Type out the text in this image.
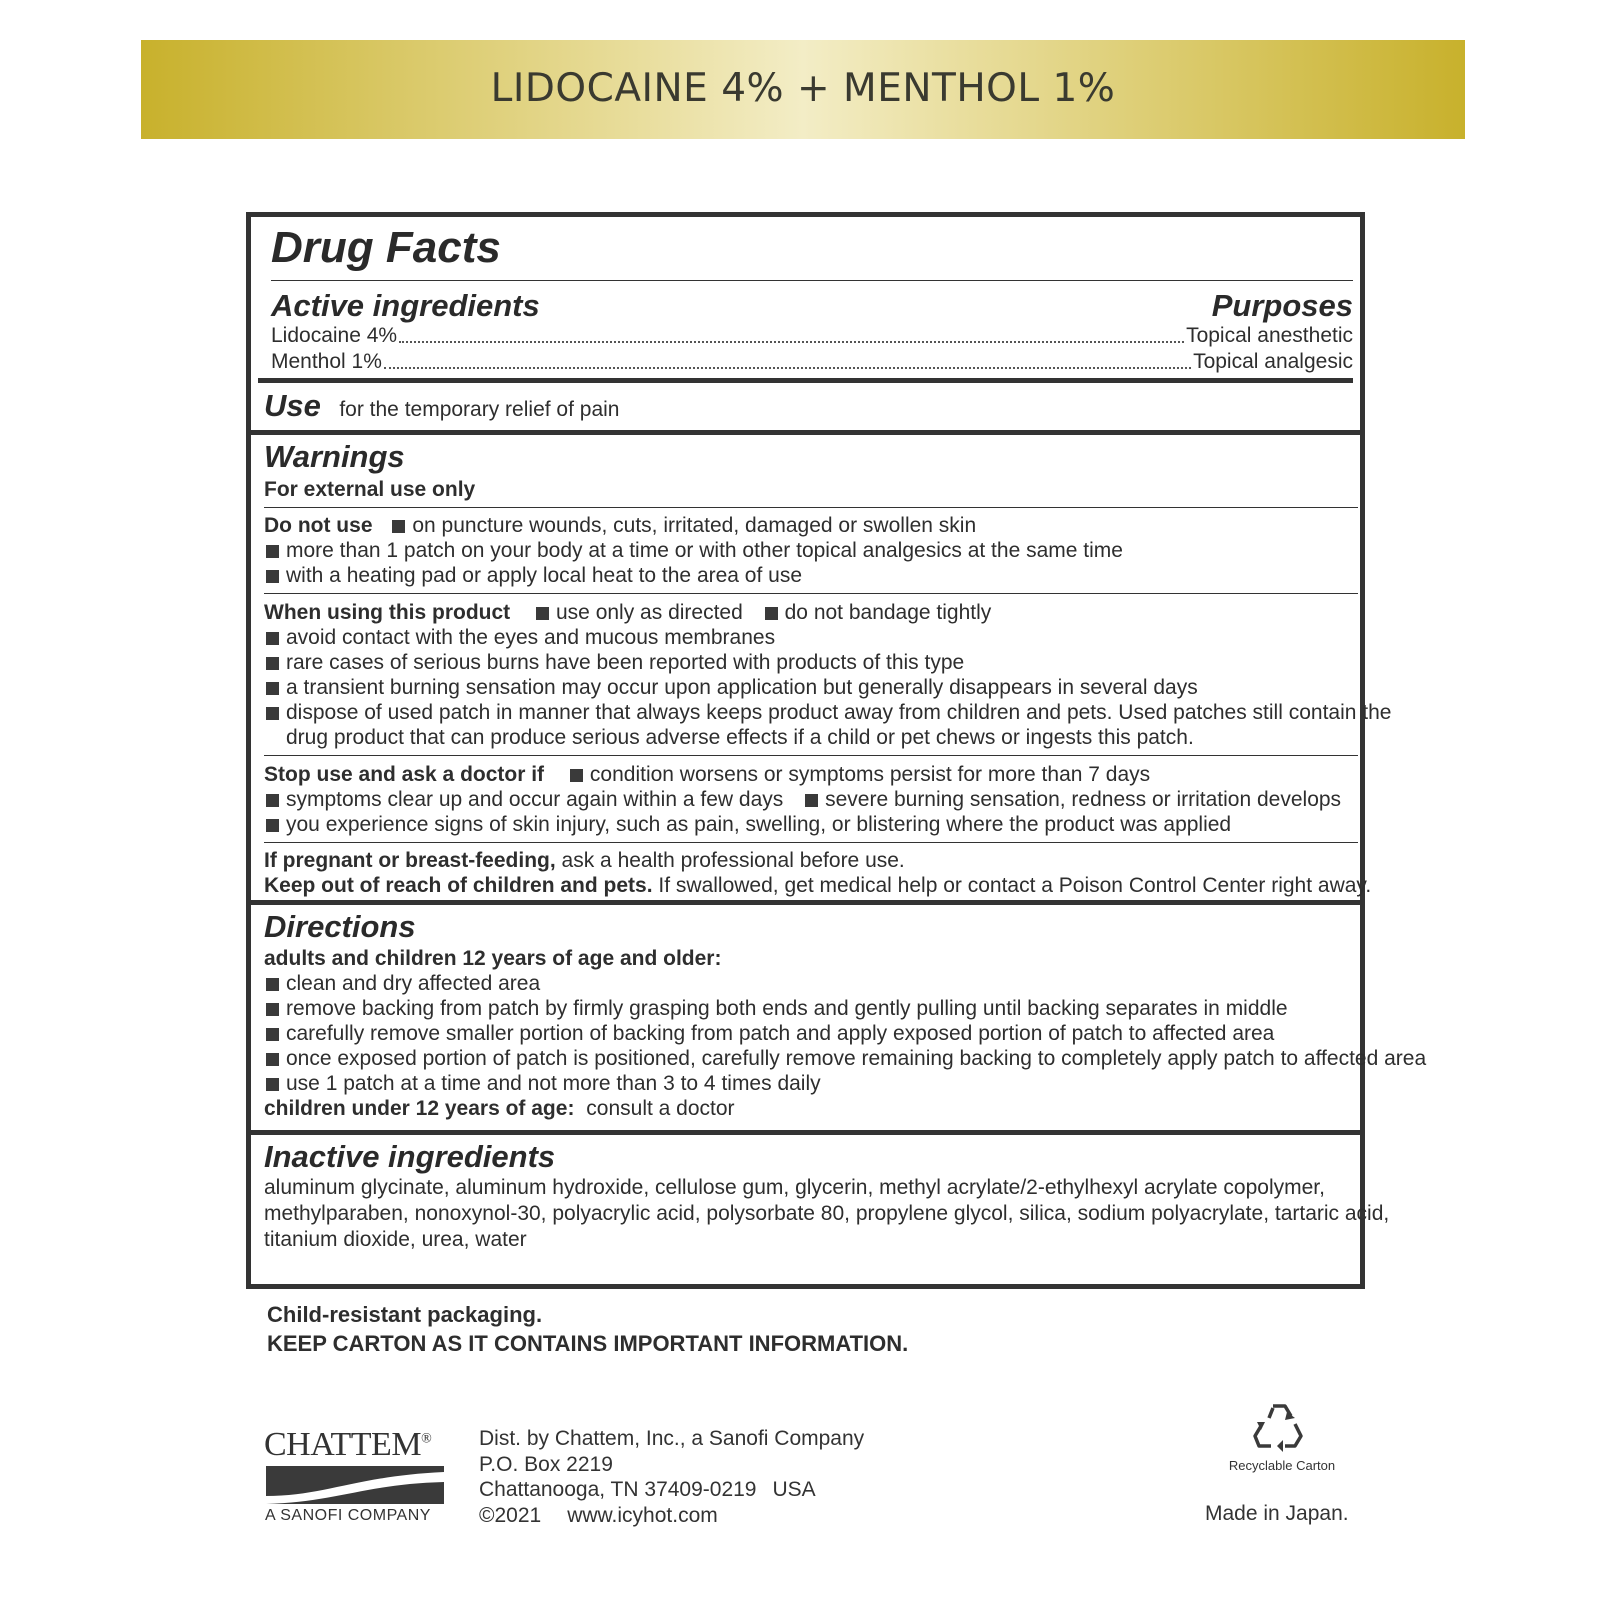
LIDOCAINE 4% + MENTHOL 1%
Drug Facts
Active ingredients	Purposes
Lidocaine 4%	Topical anesthetic
Menthol 1%	Topical analgesic
Use for the temporary relief of pain
Warnings
For external use only
Do not use on puncture wounds, cuts, irritated, damaged or swollen skin
more than 1 patch on your body at a time or with other topical analgesics at the same time
with a heating pad or apply local heat to the area of use
When using this product use only as directed do not bandage tightly
avoid contact with the eyes and mucous membranes
rare cases of serious burns have been reported with products of this type
a transient burning sensation may occur upon application but generally disappears in several days
dispose of used patch in manner that always keeps product away from children and pets. Used patches still contain the
drug product that can produce serious adverse effects if a child or pet chews or ingests this patch.
Stop use and ask a doctor if condition worsens or symptoms persist for more than 7 days
symptoms clear up and occur again within a few days severe burning sensation, redness or irritation develops
you experience signs of skin injury, such as pain, swelling, or blistering where the product was applied
If pregnant or breast-feeding, ask a health professional before use.
Keep out of reach of children and pets. If swallowed, get medical help or contact a Poison Control Center right away.
Directions
adults and children 12 years of age and older:
clean and dry affected area
remove backing from patch by firmly grasping both ends and gently pulling until backing separates in middle
carefully remove smaller portion of backing from patch and apply exposed portion of patch to affected area
once exposed portion of patch is positioned, carefully remove remaining backing to completely apply patch to affected area
use 1 patch at a time and not more than 3 to 4 times daily
children under 12 years of age: consult a doctor
Inactive ingredients
aluminum glycinate, aluminum hydroxide, cellulose gum, glycerin, methyl acrylate/2-ethylhexyl acrylate copolymer,
methylparaben, nonoxynol-30, polyacrylic acid, polysorbate 80, propylene glycol, silica, sodium polyacrylate, tartaric acid,
titanium dioxide, urea, water
Child-resistant packaging.
KEEP CARTON AS IT CONTAINS IMPORTANT INFORMATION.
CHATTEM®
A SANOFI COMPANY
Dist. by Chattem, Inc., a Sanofi Company
P.O. Box 2219
Chattanooga, TN 37409-0219 USA
©2021 www.icyhot.com
Recyclable Carton
Made in Japan.
